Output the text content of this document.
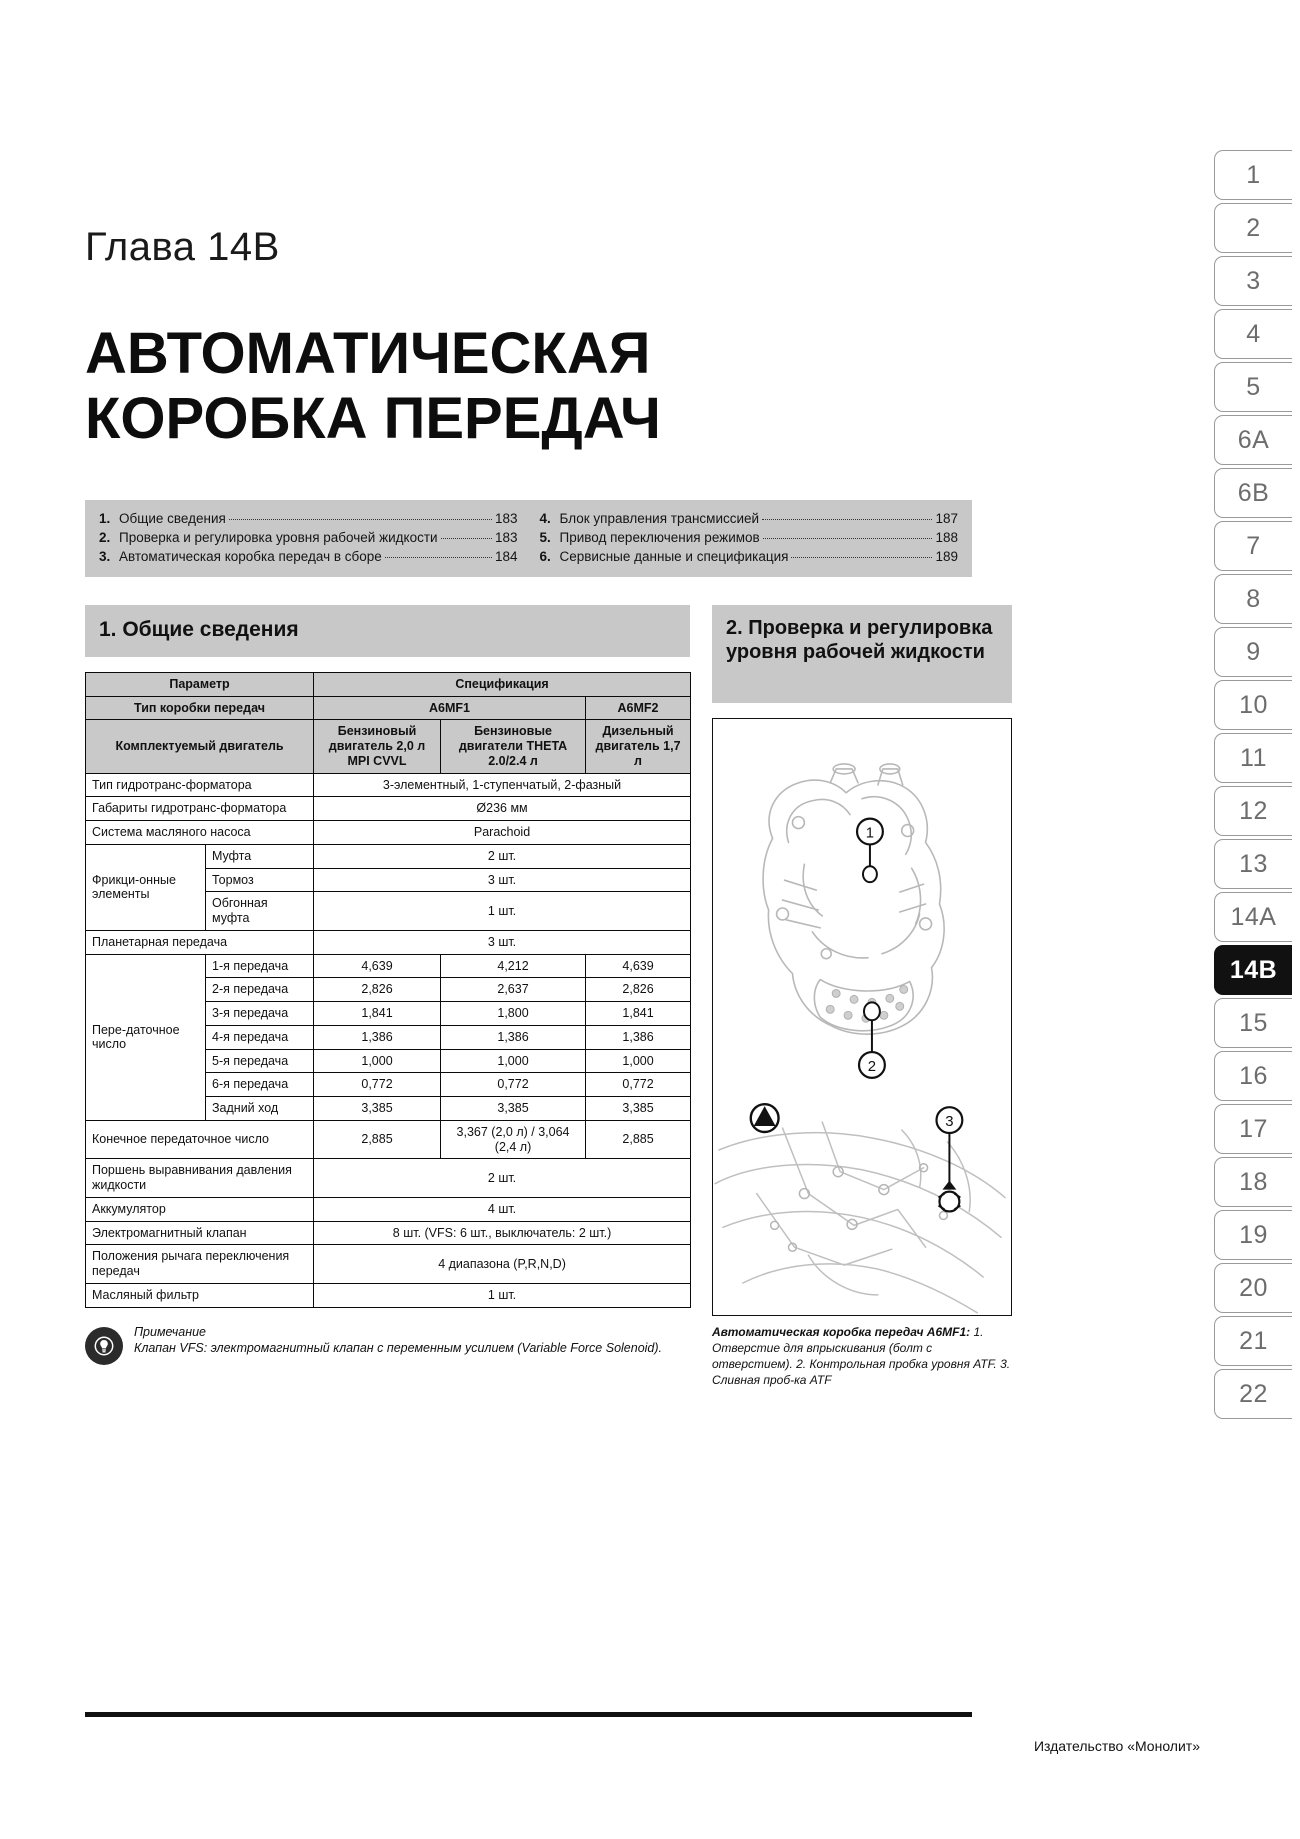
1
2
3
4
5
6A
6B
7
8
9
10
11
12
13
14A
14B
15
16
17
18
19
20
21
22
Глава 14B
АВТОМАТИЧЕСКАЯ КОРОБКА ПЕРЕДАЧ
1. Общие сведения	183
2. Проверка и регулировка уровня рабочей жидкости	183
3. Автоматическая коробка передач в сборе	184
4. Блок управления трансмиссией	187
5. Привод переключения режимов	188
6. Сервисные данные и спецификация	189
1. Общие сведения
Параметр		Спецификация		
Тип коробки передач		A6MF1		A6MF2
Комплектуемый двигатель		Бензиновый двигатель 2,0 л MPI CVVL	Бензиновые двигатели THETA 2.0/2.4 л	Дизельный двигатель 1,7 л
Тип гидротранс-форматора		3-элементный, 1-ступенчатый, 2-фазный		
Габариты гидротранс-форматора		Ø236 мм		
Система масляного насоса		Parachoid		
Фрикци-онные элементы	Муфта	2 шт.		
	Тормоз	3 шт.		
	Обгонная муфта	1 шт.		
Планетарная передача		3 шт.		
Пере-даточное число	1-я передача	4,639	4,212	4,639
	2-я передача	2,826	2,637	2,826
	3-я передача	1,841	1,800	1,841
	4-я передача	1,386	1,386	1,386
	5-я передача	1,000	1,000	1,000
	6-я передача	0,772	0,772	0,772
	Задний ход	3,385	3,385	3,385
Конечное передаточное число		2,885	3,367 (2,0 л) / 3,064 (2,4 л)	2,885
Поршень выравнивания давления жидкости		2 шт.		
Аккумулятор		4 шт.		
Электромагнитный клапан		8 шт. (VFS: 6 шт., выключатель: 2 шт.)		
Положения рычага переключения передач		4 диапазона (P,R,N,D)		
Масляный фильтр		1 шт.		
Примечание
Клапан VFS: электромагнитный клапан с переменным усилием (Variable Force Solenoid).
2. Проверка и регулировка уровня рабочей жидкости
1
2
3
Автоматическая коробка передач A6MF1: 1. Отверстие для впрыскивания (болт с отверстием). 2. Контрольная пробка уровня ATF. 3. Сливная проб-ка ATF
Издательство «Монолит»
